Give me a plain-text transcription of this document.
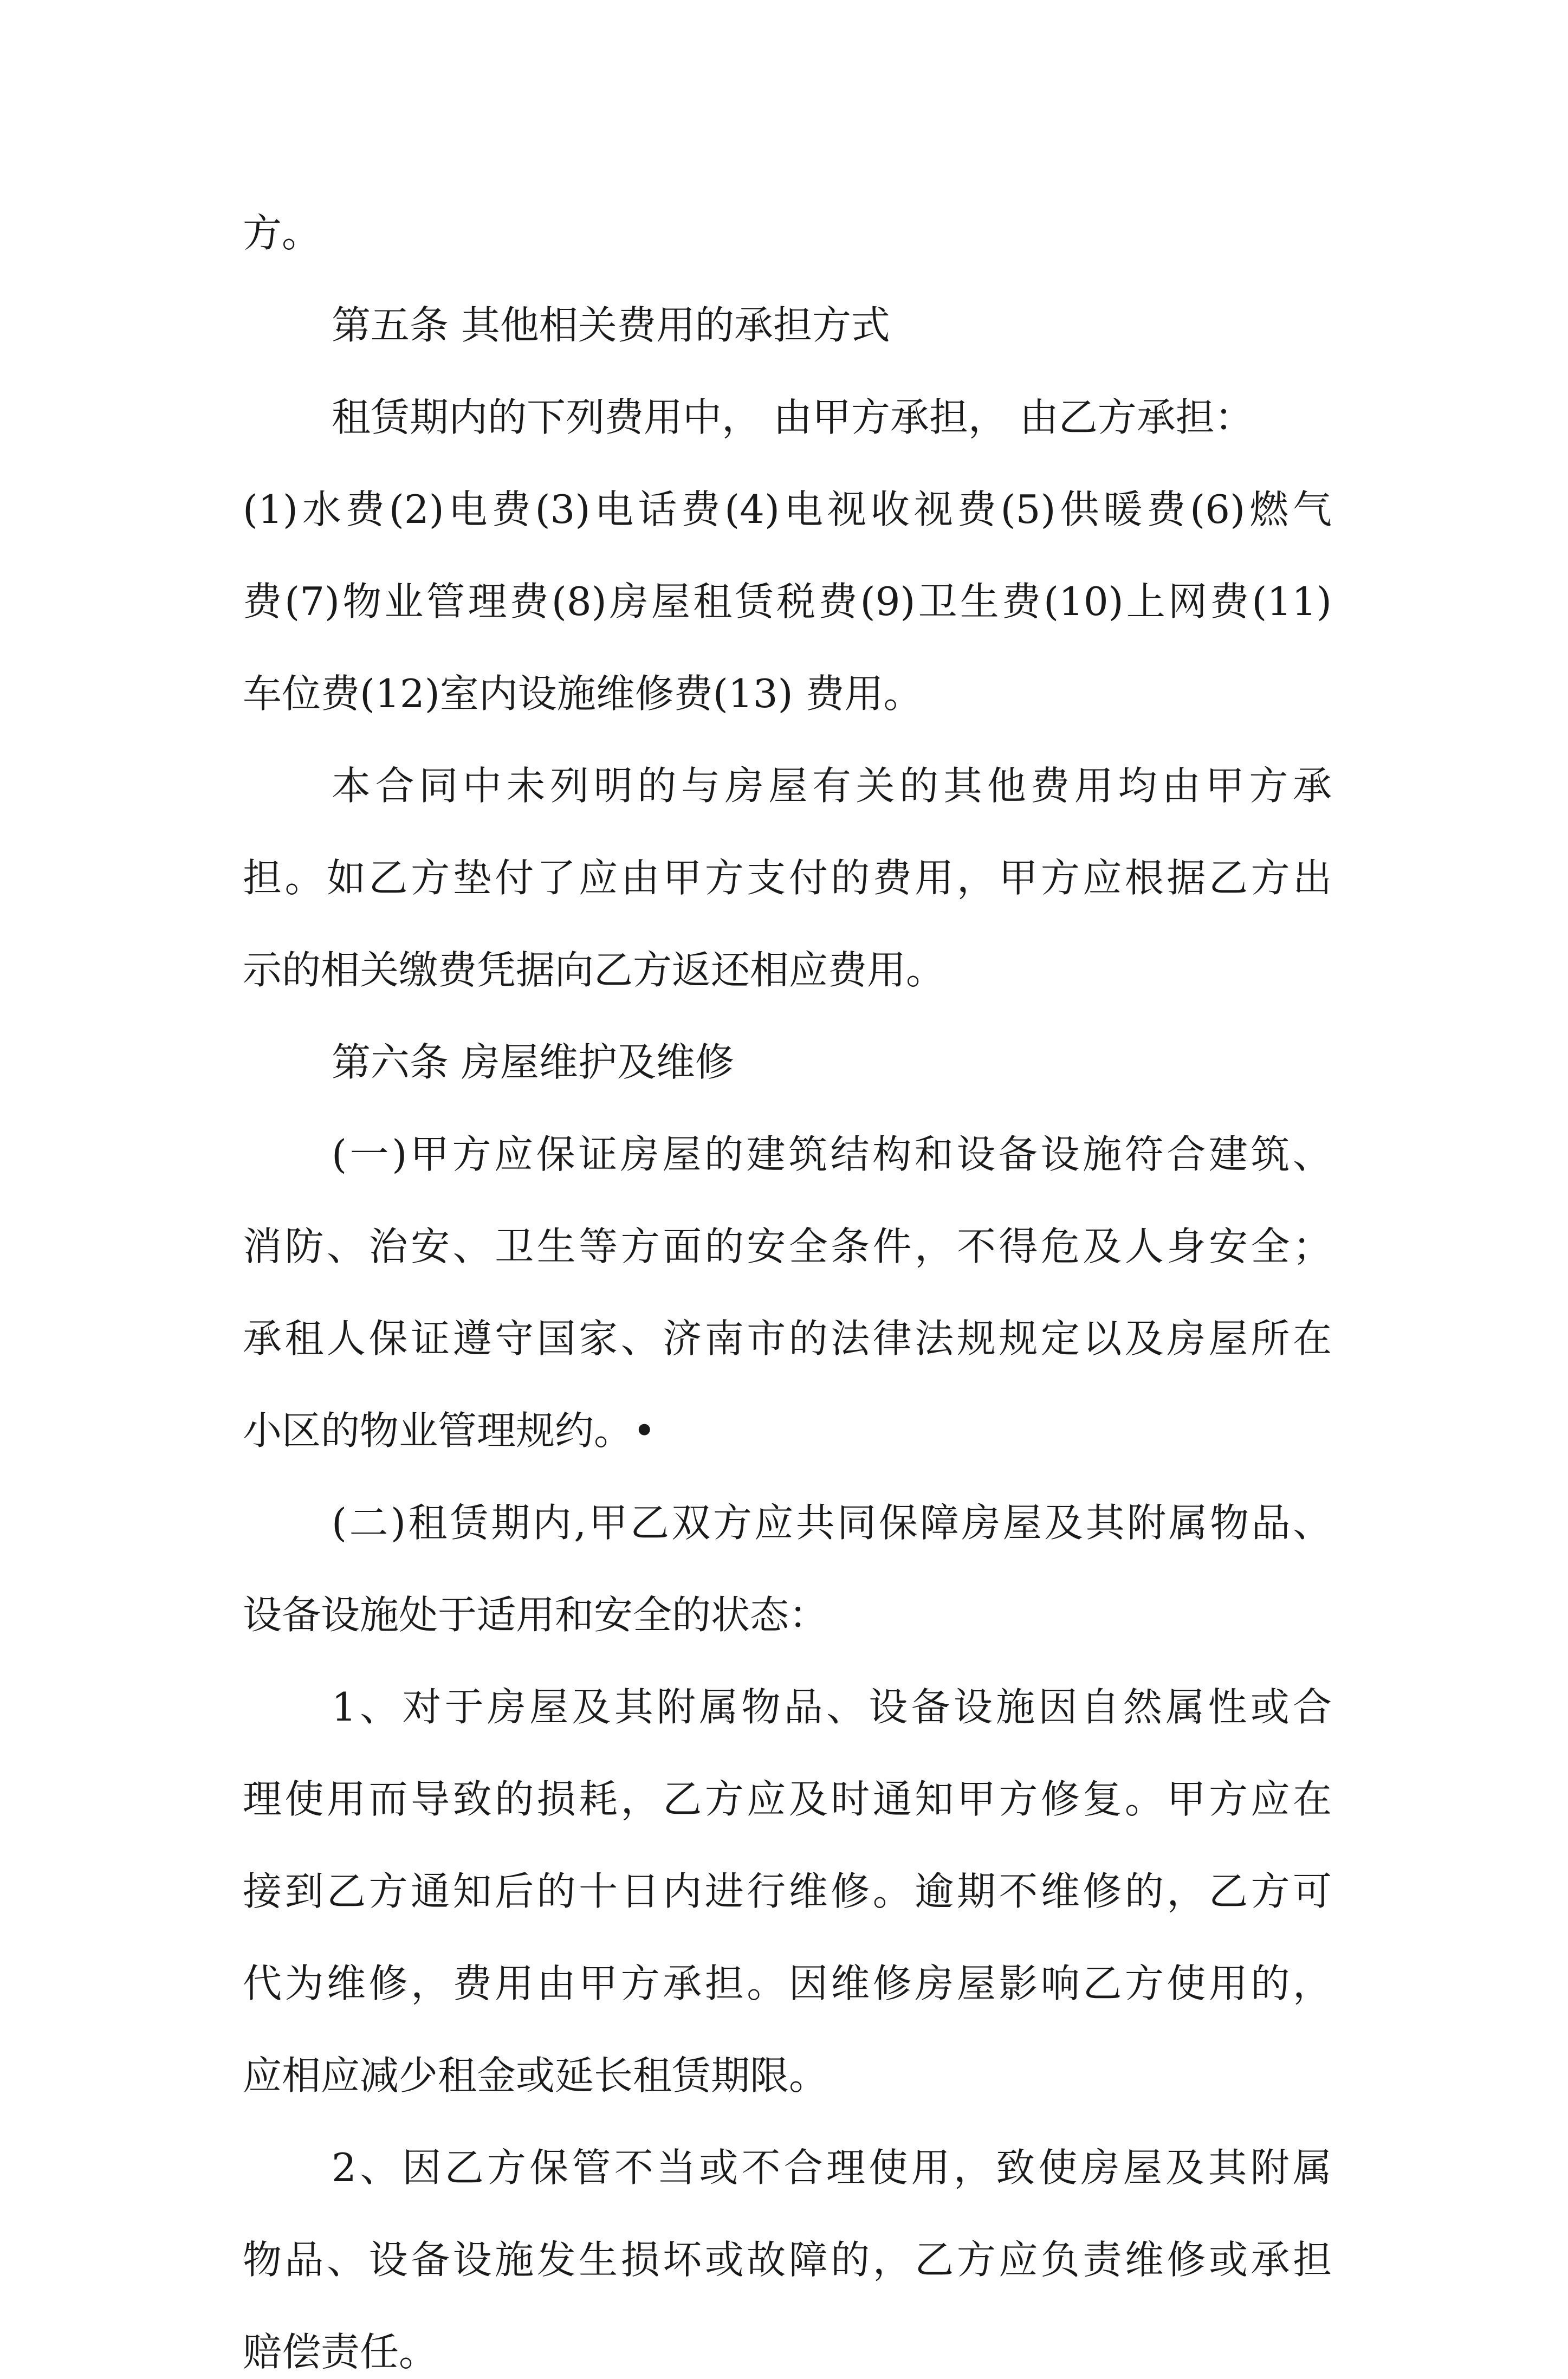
方。
第五条 其他相关费用的承担方式
租赁期内的下列费用中， 由甲方承担， 由乙方承担：
(1)水费(2)电费(3)电话费(4)电视收视费(5)供暖费(6)燃气
费(7)物业管理费(8)房屋租赁税费(9)卫生费(10)上网费(11)
车位费(12)室内设施维修费(13) 费用。
本合同中未列明的与房屋有关的其他费用均由甲方承
担。如乙方垫付了应由甲方支付的费用，甲方应根据乙方出
示的相关缴费凭据向乙方返还相应费用。
第六条 房屋维护及维修
(一)甲方应保证房屋的建筑结构和设备设施符合建筑、
消防、治安、卫生等方面的安全条件，不得危及人身安全；
承租人保证遵守国家、济南市的法律法规规定以及房屋所在
小区的物业管理规约。•
(二)租赁期内,甲乙双方应共同保障房屋及其附属物品、
设备设施处于适用和安全的状态：
1、对于房屋及其附属物品、设备设施因自然属性或合
理使用而导致的损耗，乙方应及时通知甲方修复。甲方应在
接到乙方通知后的十日内进行维修。逾期不维修的，乙方可
代为维修，费用由甲方承担。因维修房屋影响乙方使用的，
应相应减少租金或延长租赁期限。
2、因乙方保管不当或不合理使用，致使房屋及其附属
物品、设备设施发生损坏或故障的，乙方应负责维修或承担
赔偿责任。
